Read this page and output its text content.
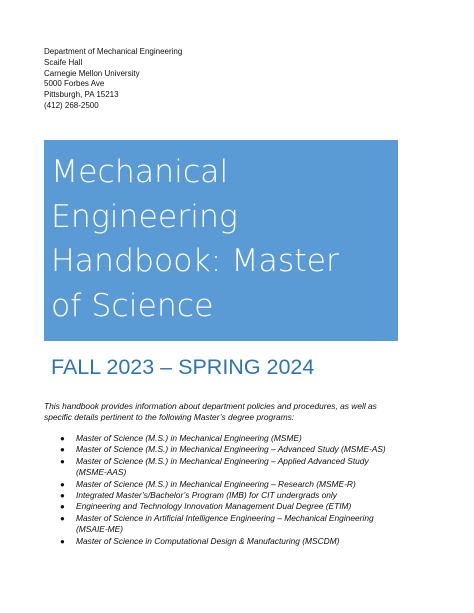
Department of Mechanical Engineering
Scaife Hall
Carnegie Mellon University
5000 Forbes Ave
Pittsburgh, PA 15213
(412) 268-2500
Mechanical
Engineering
Handbook: Master
of Science
FALL 2023 – SPRING 2024
This handbook provides information about department policies and procedures, as well as specific details pertinent to the following Master’s degree programs:
● Master of Science (M.S.) in Mechanical Engineering (MSME)
● Master of Science (M.S.) in Mechanical Engineering – Advanced Study (MSME-AS)
● Master of Science (M.S.) in Mechanical Engineering – Applied Advanced Study (MSME-AAS)
● Master of Science (M.S.) in Mechanical Engineering – Research (MSME-R)
● Integrated Master’s/Bachelor’s Program (IMB) for CIT undergrads only
● Engineering and Technology Innovation Management Dual Degree (ETIM)
● Master of Science in Artificial Intelligence Engineering – Mechanical Engineering (MSAIE-ME)
● Master of Science in Computational Design & Manufacturing (MSCDM)
